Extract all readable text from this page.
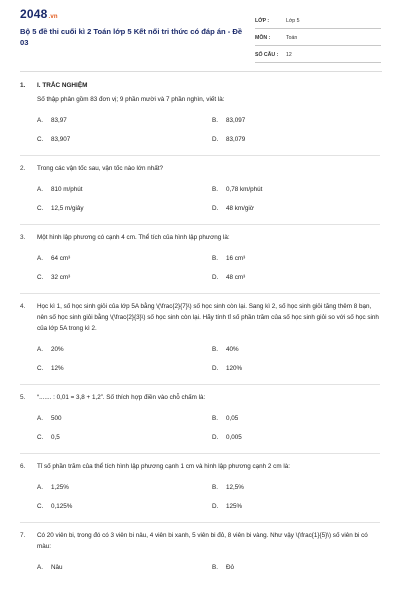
2048.vn
Bộ 5 đề thi cuối kì 2 Toán lớp 5 Kết nối tri thức có đáp án - Đề 03
LỚP :	Lớp 5
MÔN :	Toán
SỐ CÂU :	12
1.	I. TRẮC NGHIỆM
Số thập phân gồm 83 đơn vị; 9 phần mười và 7 phần nghìn, viết là:
A.	83,97	B.	83,097
C.	83,907	D.	83,079
2.	Trong các vận tốc sau, vận tốc nào lớn nhất?
A.	810 m/phút	B.	0,78 km/phút
C.	12,5 m/giây	D.	48 km/giờ
3.	Một hình lập phương có cạnh 4 cm. Thể tích của hình lập phương là:
A.	64 cm³	B.	16 cm³
C.	32 cm³	D.	48 cm³
4.	Học kì 1, số học sinh giỏi của lớp 5A bằng \(\frac{2}{7}\) số học sinh còn lại. Sang kì 2, số học sinh giỏi tăng thêm 8 bạn, nên số học sinh giỏi bằng \(\frac{2}{3}\) số học sinh còn lại. Hãy tính tỉ số phần trăm của số học sinh giỏi so với số học sinh của lớp 5A trong kì 2.
A.	20%	B.	40%
C.	12%	D.	120%
5.	“....... : 0,01 = 3,8 + 1,2”. Số thích hợp điền vào chỗ chấm là:
A.	500	B.	0,05
C.	0,5	D.	0,005
6.	Tỉ số phần trăm của thể tích hình lập phương cạnh 1 cm và hình lập phương cạnh 2 cm là:
A.	1,25%	B.	12,5%
C.	0,125%	D.	125%
7.	Có 20 viên bi, trong đó có 3 viên bi nâu, 4 viên bi xanh, 5 viên bi đỏ, 8 viên bi vàng. Như vậy \(\frac{1}{5}\) số viên bi có màu:
A.	Nâu	B.	Đỏ
